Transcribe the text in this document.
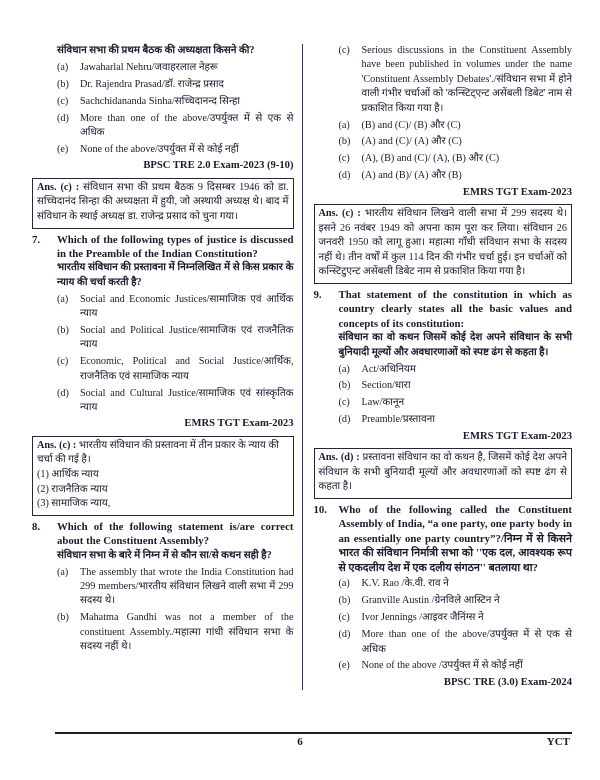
संविधान सभा की प्रथम बैठक की अध्यक्षता किसने की?
(a)	Jawaharlal Nehru/जवाहरलाल नेहरू
(b)	Dr. Rajendra Prasad/डॉ. राजेन्द्र प्रसाद
(c)	Sachchidananda Sinha/सच्चिदानन्द सिन्हा
(d)	More than one of the above/उपर्युक्त में से एक से अधिक
(e)	None of the above/उपर्युक्त में से कोई नहीं
BPSC TRE 2.0 Exam-2023 (9-10)
Ans. (c) : संविधान सभा की प्रथम बैठक 9 दिसम्बर 1946 को डा. सच्चिदानंद सिन्हा की अध्यक्षता में हुयी, जो अस्थायी अध्यक्ष थे। बाद में संविधान के स्थाई अध्यक्ष डा. राजेन्द्र प्रसाद को चुना गया।
7.	Which of the following types of justice is discussed in the Preamble of the Indian Constitution?
भारतीय संविधान की प्रस्तावना में निम्नलिखित में से किस प्रकार के न्याय की चर्चा करती है?
(a)	Social and Economic Justices/सामाजिक एवं आर्थिक न्याय
(b)	Social and Political Justice/सामाजिक एवं राजनैतिक न्याय
(c)	Economic, Political and Social Justice/आर्थिक, राजनैतिक एवं सामाजिक न्याय
(d)	Social and Cultural Justice/सामाजिक एवं सांस्कृतिक न्याय
EMRS TGT Exam-2023
Ans. (c) : भारतीय संविधान की प्रस्तावना में तीन प्रकार के न्याय की चर्चा की गई है।
(1) आर्थिक न्याय
(2) राजनैतिक न्याय
(3) सामाजिक न्याय,
8.	Which of the following statement is/are correct about the Constituent Assembly?
संविधान सभा के बारे में निम्न में से कौन सा/से कथन सही है?
(a)	The assembly that wrote the India Constitution had 299 members/भारतीय संविधान लिखने वाली सभा में 299 सदस्य थे।
(b)	Mahatma Gandhi was not a member of the constituent Assembly./महात्मा गांधी संविधान सभा के सदस्य नहीं थे।
(c)	Serious discussions in the Constituent Assembly have been published in volumes under the name 'Constituent Assembly Debates'./संविधान सभा में होने वाली गंभीर चर्चाओं को 'कन्स्टिट्एन्ट असेंबली डिबेट' नाम से प्रकाशित किया गया है।
(a)	(B) and (C)/ (B) और (C)
(b)	(A) and (C)/ (A) और (C)
(c)	(A), (B) and (C)/ (A), (B) और (C)
(d)	(A) and (B)/ (A) और (B)
EMRS TGT Exam-2023
Ans. (c) : भारतीय संविधान लिखने वाली सभा में 299 सदस्य थे। इसने 26 नवंबर 1949 को अपना काम पूरा कर लिया। संविधान 26 जनवरी 1950 को लागू हुआ। महात्मा गाँधी संविधान सभा के सदस्य नहीं थे। तीन वर्षों में कुल 114 दिन की गंभीर चर्चा हुई। इन चर्चाओं को कन्स्टिटुएन्ट असेंबली डिबेट नाम से प्रकाशित किया गया है।
9.	That statement of the constitution in which as country clearly states all the basic values and concepts of its constitution:
संविधान का वो कथन जिसमें कोई देश अपने संविधान के सभी बुनियादी मूल्यों और अवधारणाओं को स्पष्ट ढंग से कहता है।
(a)	Act/अधिनियम
(b)	Section/धारा
(c)	Law/कानून
(d)	Preamble/प्रस्तावना
EMRS TGT Exam-2023
Ans. (d) : प्रस्तावना संविधान का वो कथन है, जिसमें कोई देश अपने संविधान के सभी बुनियादी मूल्यों और अवधारणाओं को स्पष्ट ढंग से कहता है।
10.	Who of the following called the Constituent Assembly of India, “a one party, one party body in an essentially one party country”?/निम्न में से किसने भारत की संविधान निर्मात्री सभा को ''एक दल, आवश्यक रूप से एकदलीय देश में एक दलीय संगठन'' बतलाया था?
(a)	K.V. Rao /के.वी. राव ने
(b)	Granville Austin /ग्रेनविले आस्टिन ने
(c)	Ivor Jennings /आइवर जैनिंग्स ने
(d)	More than one of the above/उपर्युक्त में से एक से अधिक
(e)	None of the above /उपर्युक्त में से कोई नहीं
BPSC TRE (3.0) Exam-2024
6	YCT
